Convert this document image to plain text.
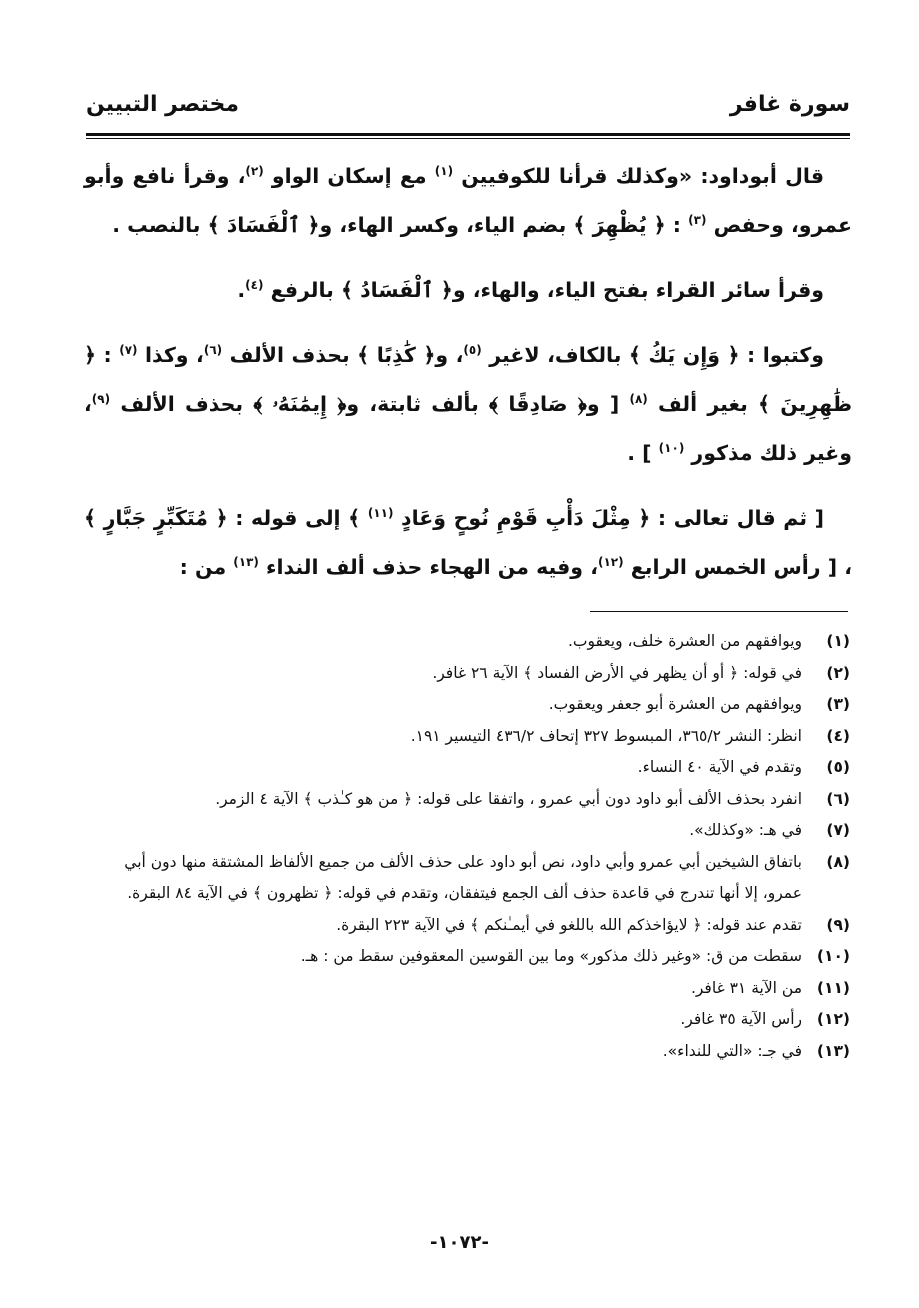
سورة غافر
مختصر التبيين

قال أبوداود: «وكذلك قرأنا للكوفيين $^{(١)}$ مع إسكان الواو $^{(٢)}$، وقرأ نافع وأبو عمرو، وحفص $^{(٣)}$ : ﴿ يُظْهِرَ ﴾ بضم الياء، وكسر الهاء، و﴿ ٱلْفَسَادَ ﴾ بالنصب .

وقرأ سائر القراء بفتح الياء، والهاء، و﴿ ٱلْفَسَادُ ﴾ بالرفع $^{(٤)}$.

وكتبوا : ﴿ وَإِن يَكُ ﴾ بالكاف، لاغير $^{(٥)}$، و﴿ كَٰذِبًا ﴾ بحذف الألف $^{(٦)}$، وكذا $^{(٧)}$ : ﴿ ظَٰهِرِينَ ﴾ بغير ألف $^{(٨)}$ [ و﴿ صَادِقًا ﴾ بألف ثابتة، و﴿ إِيمَٰنَهُۥ ﴾ بحذف الألف $^{(٩)}$، وغير ذلك مذكور $^{(١٠)}$ ] .

[ ثم قال تعالى : ﴿ مِثْلَ دَأْبِ قَوْمِ نُوحٍ وَعَادٍ $^{(١١)}$ ﴾ إلى قوله : ﴿ مُتَكَبِّرٍ جَبَّارٍ ﴾ ، [ رأس الخمس الرابع $^{(١٢)}$، وفيه من الهجاء حذف ألف النداء $^{(١٣)}$ من :

(١)
ويوافقهم من العشرة خلف، ويعقوب.
(٢)
في قوله: ﴿ أو أن يظهر في الأرض الفساد ﴾ الآية ٢٦ غافر.
(٣)
ويوافقهم من العشرة أبو جعفر ويعقوب.
(٤)
انظر: النشر ٣٦٥/٢، المبسوط ٣٢٧ إتحاف ٤٣٦/٢ التيسير ١٩١.
(٥)
وتقدم في الآية ٤٠ النساء.
(٦)
انفرد بحذف الألف أبو داود دون أبي عمرو ، واتفقا على قوله: ﴿ من هو كـٰذب ﴾ الآية ٤ الزمر.
(٧)
في هـ: «وكذلك».
(٨)
باتفاق الشيخين أبي عمرو وأبي داود، نص أبو داود على حذف الألف من جميع الألفاظ المشتقة منها دون أبي عمرو، إلا أنها تندرج في قاعدة حذف ألف الجمع فيتفقان، وتقدم في قوله: ﴿ تظهرون ﴾ في الآية ٨٤ البقرة.
(٩)
تقدم عند قوله: ﴿ لايؤاخذكم الله باللغو في أيمـٰنكم ﴾ في الآية ٢٢٣ البقرة.
(١٠)
سقطت من ق: «وغير ذلك مذكور» وما بين القوسين المعقوفين سقط من : هـ.
(١١)
من الآية ٣١ غافر.
(١٢)
رأس الآية ٣٥ غافر.
(١٣)
في جـ: «التي للنداء».
-١٠٧٢-
